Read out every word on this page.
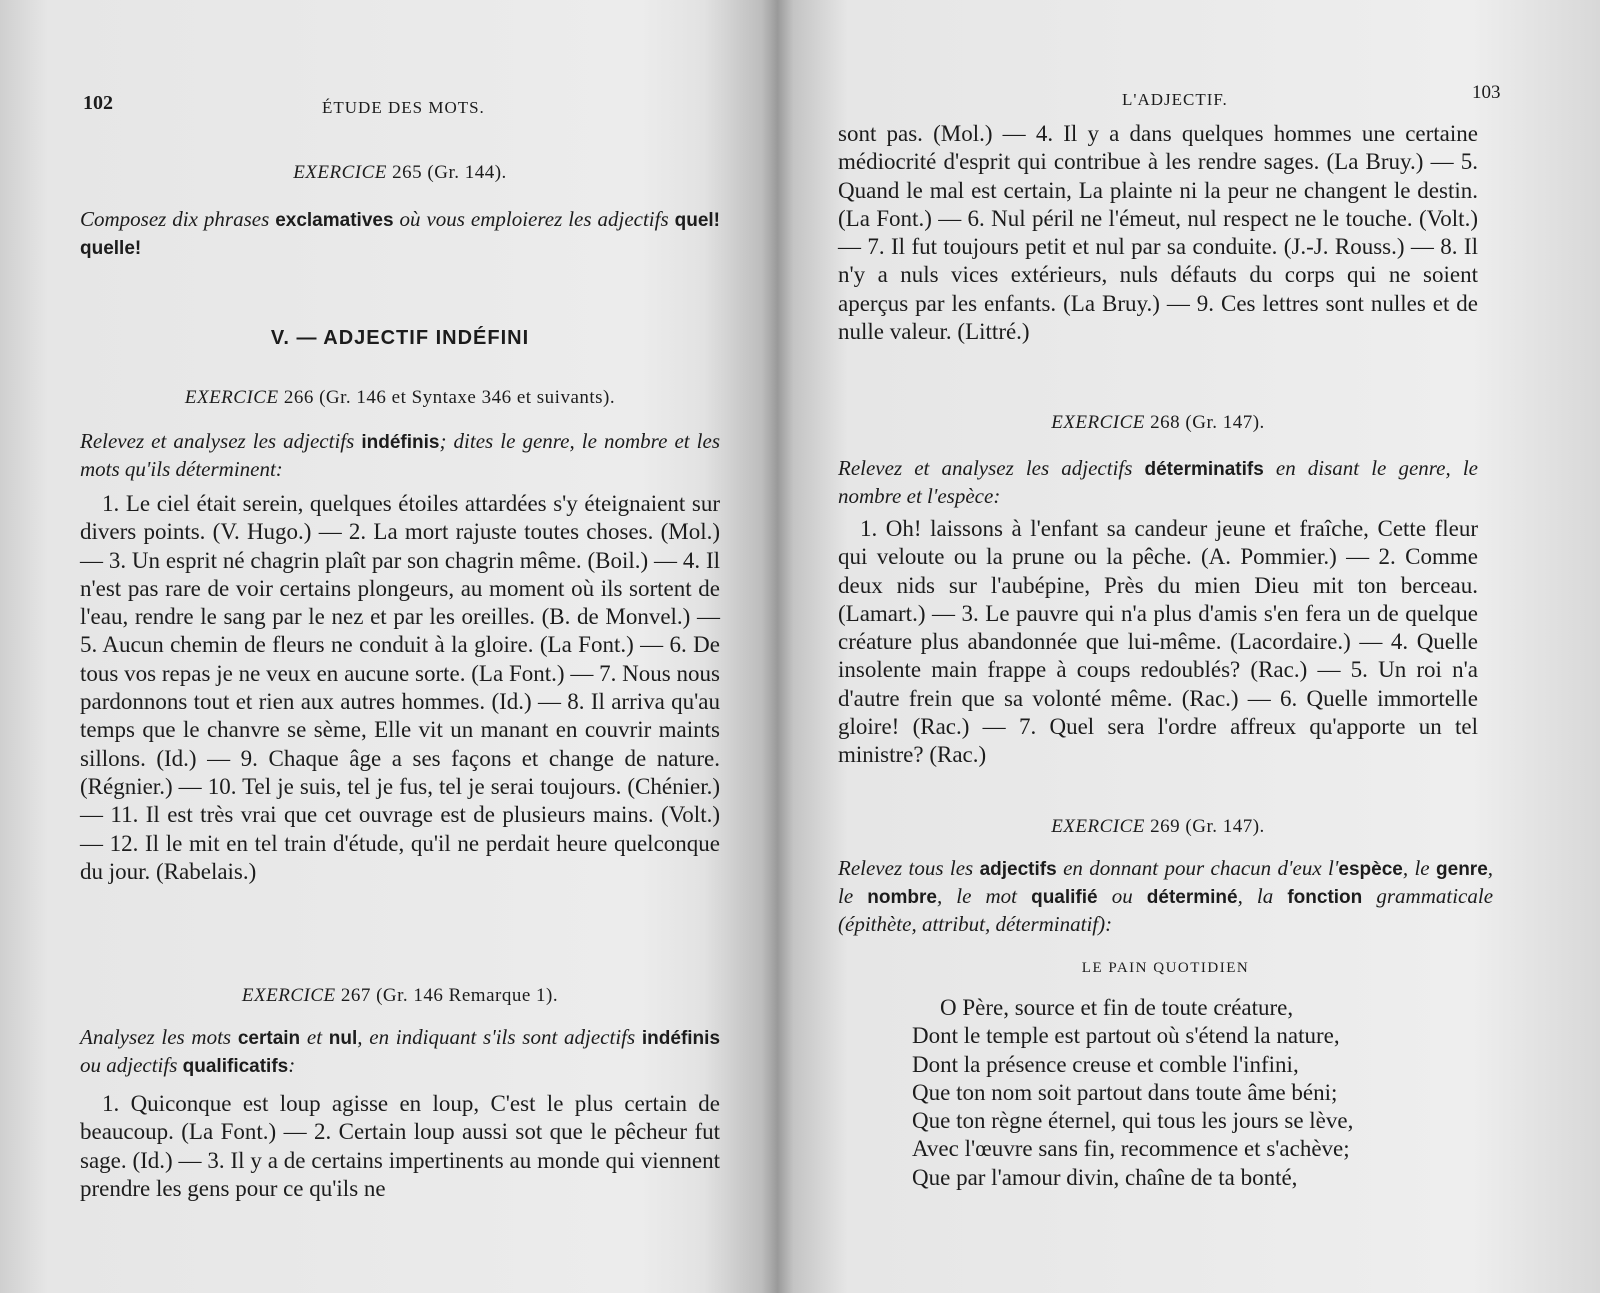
102	ÉTUDE DES MOTS.
EXERCICE 265 (Gr. 144).
Composez dix phrases exclamatives où vous emploierez les adjectifs quel! quelle!
V. — ADJECTIF INDÉFINI
EXERCICE 266 (Gr. 146 et Syntaxe 346 et suivants).
Relevez et analysez les adjectifs indéfinis; dites le genre, le nombre et les mots qu'ils déterminent:
1. Le ciel était serein, quelques étoiles attardées s'y éteignaient sur divers points. (V. Hugo.) — 2. La mort rajuste toutes choses. (Mol.) — 3. Un esprit né chagrin plaît par son chagrin même. (Boil.) — 4. Il n'est pas rare de voir certains plongeurs, au moment où ils sortent de l'eau, rendre le sang par le nez et par les oreilles. (B. de Monvel.) — 5. Aucun chemin de fleurs ne conduit à la gloire. (La Font.) — 6. De tous vos repas je ne veux en aucune sorte. (La Font.) — 7. Nous nous pardonnons tout et rien aux autres hommes. (Id.) — 8. Il arriva qu'au temps que le chanvre se sème, Elle vit un manant en couvrir maints sillons. (Id.) — 9. Chaque âge a ses façons et change de nature. (Régnier.) — 10. Tel je suis, tel je fus, tel je serai toujours. (Chénier.) — 11. Il est très vrai que cet ouvrage est de plusieurs mains. (Volt.) — 12. Il le mit en tel train d'étude, qu'il ne perdait heure quelconque du jour. (Rabelais.)
EXERCICE 267 (Gr. 146 Remarque 1).
Analysez les mots certain et nul, en indiquant s'ils sont adjectifs indéfinis ou adjectifs qualificatifs:
1. Quiconque est loup agisse en loup, C'est le plus certain de beaucoup. (La Font.) — 2. Certain loup aussi sot que le pêcheur fut sage. (Id.) — 3. Il y a de certains impertinents au monde qui viennent prendre les gens pour ce qu'ils ne
L'ADJECTIF.	103
sont pas. (Mol.) — 4. Il y a dans quelques hommes une certaine médiocrité d'esprit qui contribue à les rendre sages. (La Bruy.) — 5. Quand le mal est certain, La plainte ni la peur ne changent le destin. (La Font.) — 6. Nul péril ne l'émeut, nul respect ne le touche. (Volt.) — 7. Il fut toujours petit et nul par sa conduite. (J.-J. Rouss.) — 8. Il n'y a nuls vices extérieurs, nuls défauts du corps qui ne soient aperçus par les enfants. (La Bruy.) — 9. Ces lettres sont nulles et de nulle valeur. (Littré.)
EXERCICE 268 (Gr. 147).
Relevez et analysez les adjectifs déterminatifs en disant le genre, le nombre et l'espèce:
1. Oh! laissons à l'enfant sa candeur jeune et fraîche, Cette fleur qui veloute ou la prune ou la pêche. (A. Pommier.) — 2. Comme deux nids sur l'aubépine, Près du mien Dieu mit ton berceau. (Lamart.) — 3. Le pauvre qui n'a plus d'amis s'en fera un de quelque créature plus abandonnée que lui-même. (Lacordaire.) — 4. Quelle insolente main frappe à coups redoublés? (Rac.) — 5. Un roi n'a d'autre frein que sa volonté même. (Rac.) — 6. Quelle immortelle gloire! (Rac.) — 7. Quel sera l'ordre affreux qu'apporte un tel ministre? (Rac.)
EXERCICE 269 (Gr. 147).
Relevez tous les adjectifs en donnant pour chacun d'eux l'espèce, le genre, le nombre, le mot qualifié ou déterminé, la fonction grammaticale (épithète, attribut, déterminatif):
LE PAIN QUOTIDIEN
O Père, source et fin de toute créature,
Dont le temple est partout où s'étend la nature,
Dont la présence creuse et comble l'infini,
Que ton nom soit partout dans toute âme béni;
Que ton règne éternel, qui tous les jours se lève,
Avec l'œuvre sans fin, recommence et s'achève;
Que par l'amour divin, chaîne de ta bonté,
